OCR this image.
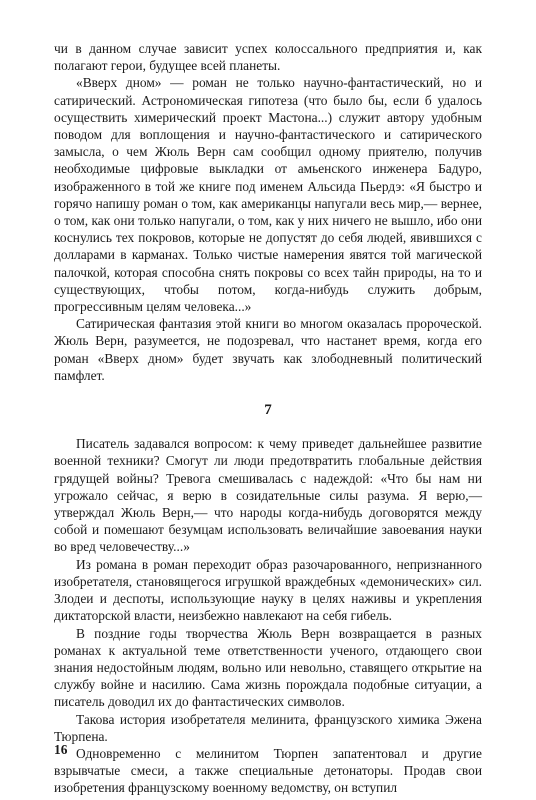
чи в данном случае зависит успех колоссального предприятия и, как полагают герои, будущее всей планеты.

«Вверх дном» — роман не только научно-фантастический, но и сатирический. Астрономическая гипотеза (что было бы, если б удалось осуществить химерический проект Мастона...) служит автору удобным поводом для воплощения и научно-фантастического и сатирического замысла, о чем Жюль Верн сам сообщил одному приятелю, получив необходимые цифровые выкладки от амьенского инженера Бадуро, изображенного в той же книге под именем Альсида Пьердэ: «Я быстро и горячо напишу роман о том, как американцы напугали весь мир,— вернее, о том, как они только напугали, о том, как у них ничего не вышло, ибо они коснулись тех покровов, которые не допустят до себя людей, явившихся с долларами в карманах. Только чистые намерения явятся той магической палочкой, которая способна снять покровы со всех тайн природы, на то и существующих, чтобы потом, когда-нибудь служить добрым, прогрессивным целям человека...»

Сатирическая фантазия этой книги во многом оказалась пророческой. Жюль Верн, разумеется, не подозревал, что настанет время, когда его роман «Вверх дном» будет звучать как злободневный политический памфлет.

7

Писатель задавался вопросом: к чему приведет дальнейшее развитие военной техники? Смогут ли люди предотвратить глобальные действия грядущей войны? Тревога смешивалась с надеждой: «Что бы нам ни угрожало сейчас, я верю в созидательные силы разума. Я верю,— утверждал Жюль Верн,— что народы когда-нибудь договорятся между собой и помешают безумцам использовать величайшие завоевания науки во вред человечеству...»

Из романа в роман переходит образ разочарованного, непризнанного изобретателя, становящегося игрушкой враждебных «демонических» сил. Злодеи и деспоты, использующие науку в целях наживы и укрепления диктаторской власти, неизбежно навлекают на себя гибель.

В поздние годы творчества Жюль Верн возвращается в разных романах к актуальной теме ответственности ученого, отдающего свои знания недостойным людям, вольно или невольно, ставящего открытие на службу войне и насилию. Сама жизнь порождала подобные ситуации, а писатель доводил их до фантастических символов.

Такова история изобретателя мелинита, французского химика Эжена Тюрпена.

Одновременно с мелинитом Тюрпен запатентовал и другие взрывчатые смеси, а также специальные детонаторы. Продав свои изобретения французскому военному ведомству, он вступил

16
